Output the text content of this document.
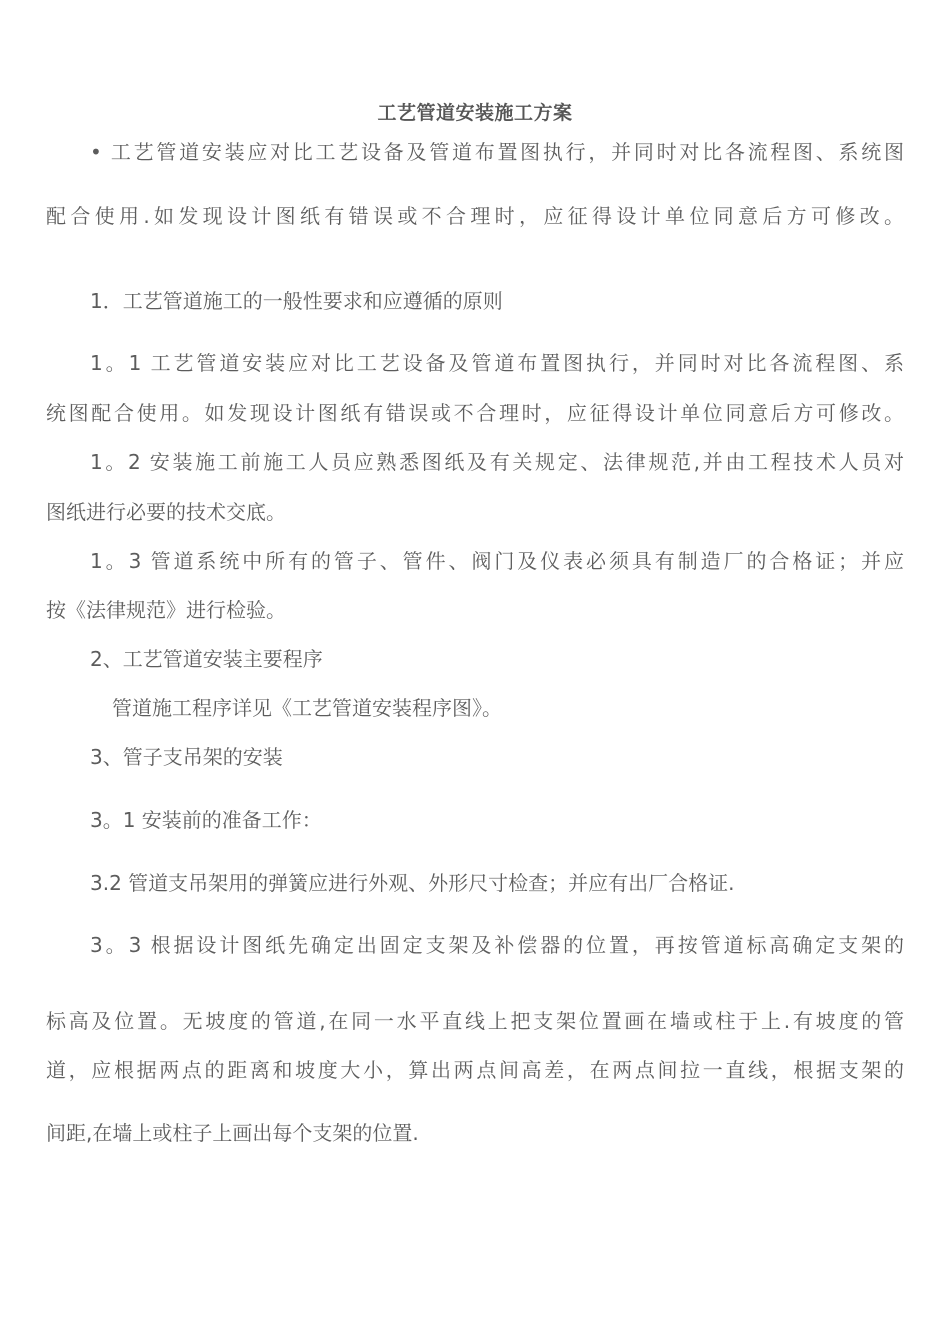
工艺管道安装施工方案
• 工艺管道安装应对比工艺设备及管道布置图执行，并同时对比各流程图、系统图
配合使用.如发现设计图纸有错误或不合理时，应征得设计单位同意后方可修改。
1．工艺管道施工的一般性要求和应遵循的原则
1。1 工艺管道安装应对比工艺设备及管道布置图执行，并同时对比各流程图、系
统图配合使用。如发现设计图纸有错误或不合理时，应征得设计单位同意后方可修改。
1。2 安装施工前施工人员应熟悉图纸及有关规定、法律规范,并由工程技术人员对
图纸进行必要的技术交底。
1。3 管道系统中所有的管子、管件、阀门及仪表必须具有制造厂的合格证；并应
按《法律规范》进行检验。
2、工艺管道安装主要程序
管道施工程序详见《工艺管道安装程序图》。
3、管子支吊架的安装
3。1 安装前的准备工作：
3.2 管道支吊架用的弹簧应进行外观、外形尺寸检查；并应有出厂合格证.
3。3 根据设计图纸先确定出固定支架及补偿器的位置，再按管道标高确定支架的
标高及位置。无坡度的管道,在同一水平直线上把支架位置画在墙或柱于上.有坡度的管
道，应根据两点的距离和坡度大小，算出两点间高差，在两点间拉一直线，根据支架的
间距,在墙上或柱子上画出每个支架的位置.
